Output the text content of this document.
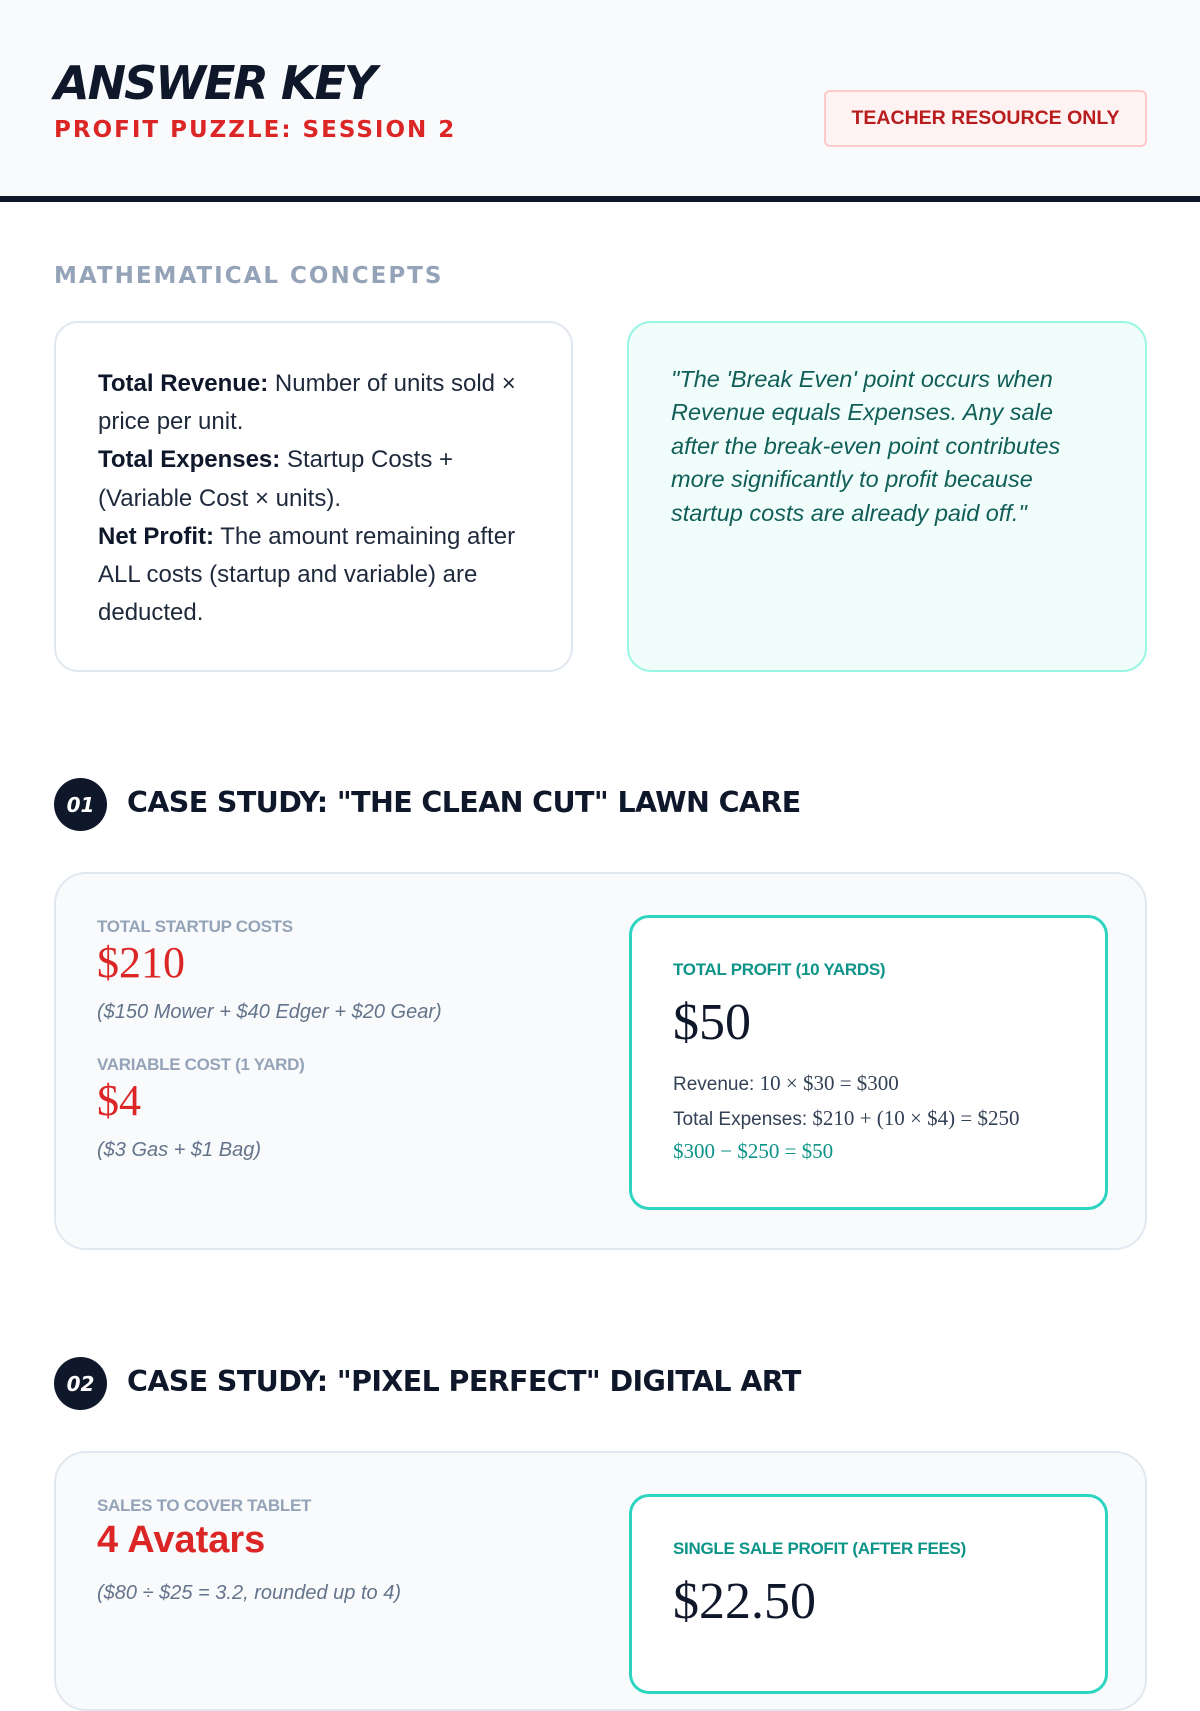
ANSWER KEY
PROFIT PUZZLE: SESSION 2	TEACHER RESOURCE ONLY
MATHEMATICAL CONCEPTS
Total Revenue: Number of units sold × price per unit.
Total Expenses: Startup Costs + (Variable Cost × units).
Net Profit: The amount remaining after ALL costs (startup and variable) are deducted.
"The 'Break Even' point occurs when Revenue equals Expenses. Any sale after the break-even point contributes more significantly to profit because startup costs are already paid off."
01	CASE STUDY: "THE CLEAN CUT" LAWN CARE
TOTAL STARTUP COSTS
$210
($150 Mower + $40 Edger + $20 Gear)
VARIABLE COST (1 YARD)
$4
($3 Gas + $1 Bag)
TOTAL PROFIT (10 YARDS)
$50
Revenue: 10 × $30 = $300
Total Expenses: $210 + (10 × $4) = $250
$300 − $250 = $50
02	CASE STUDY: "PIXEL PERFECT" DIGITAL ART
SALES TO COVER TABLET
4 Avatars
($80 ÷ $25 = 3.2, rounded up to 4)
SINGLE SALE PROFIT (AFTER FEES)
$22.50
